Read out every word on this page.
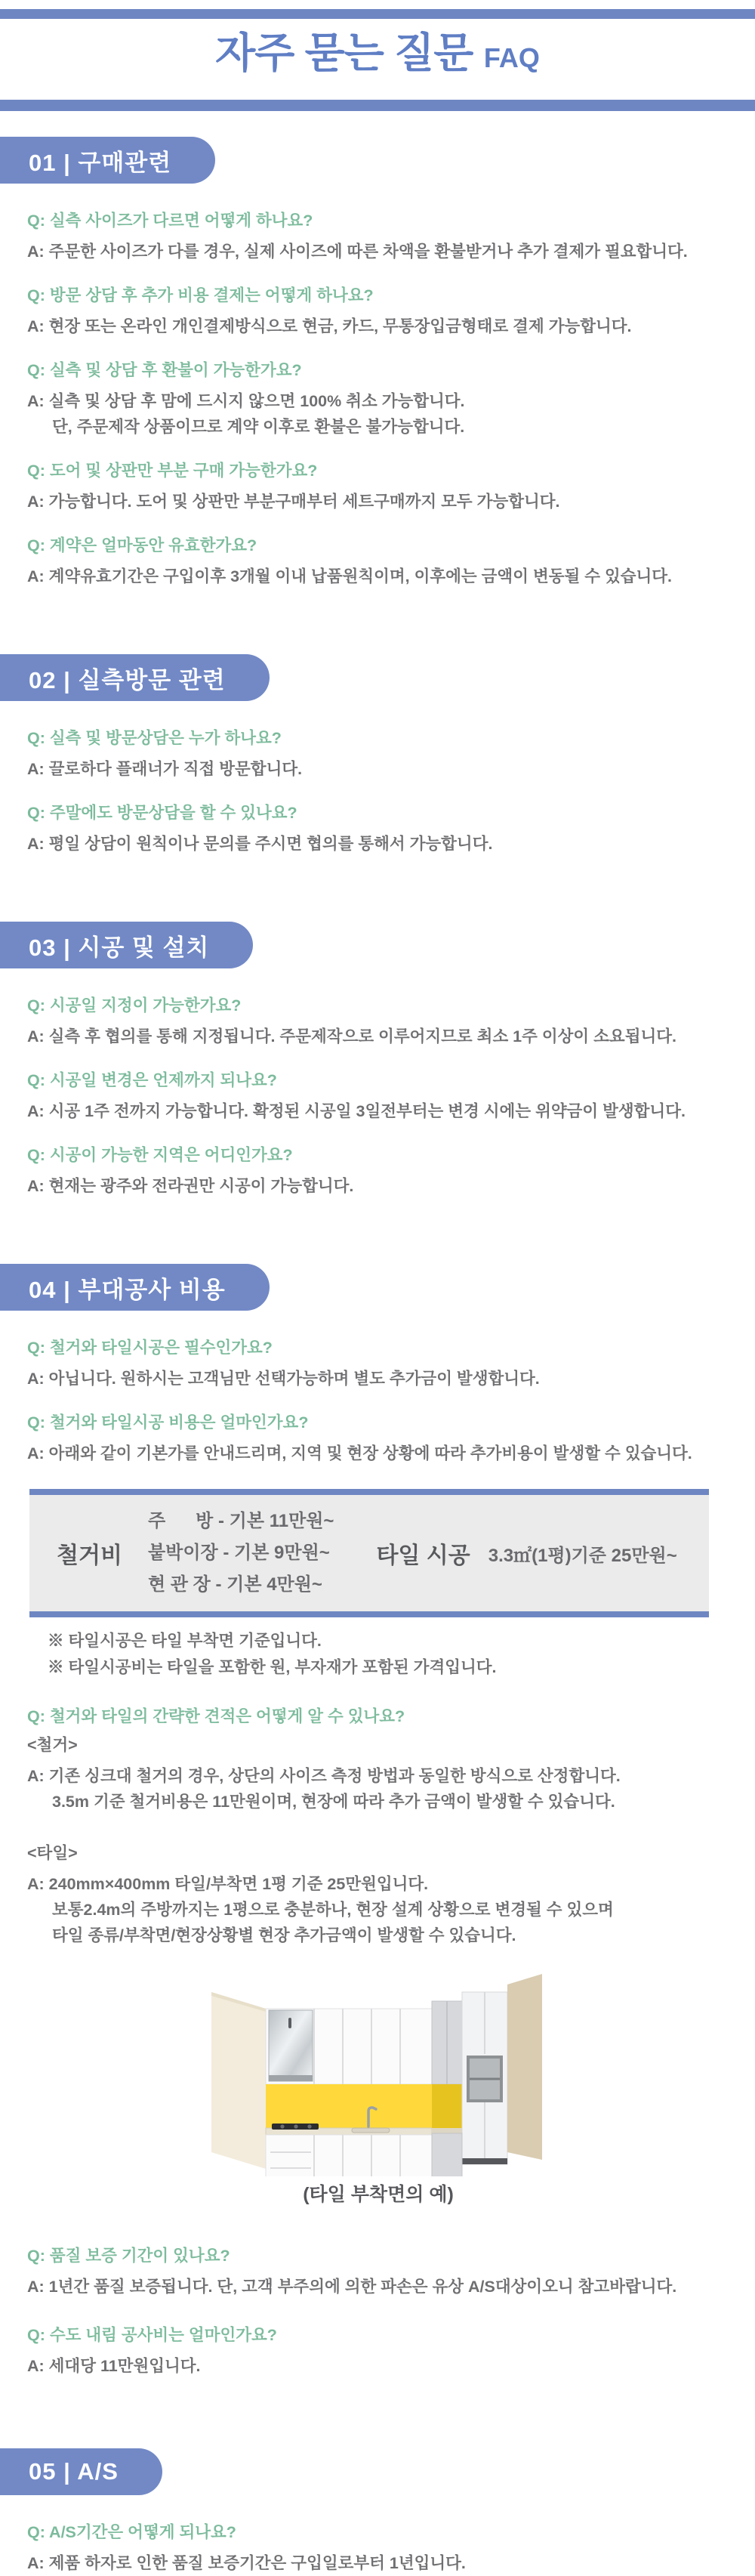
자주 묻는 질문 FAQ
01 | 구매관련
Q: 실측 사이즈가 다르면 어떻게 하나요?
A: 주문한 사이즈가 다를 경우, 실제 사이즈에 따른 차액을 환불받거나 추가 결제가 필요합니다.
Q: 방문 상담 후 추가 비용 결제는 어떻게 하나요?
A: 현장 또는 온라인 개인결제방식으로 현금, 카드, 무통장입금형태로 결제 가능합니다.
Q: 실측 및 상담 후 환불이 가능한가요?
A: 실측 및 상담 후 맘에 드시지 않으면 100% 취소 가능합니다.
단, 주문제작 상품이므로 계약 이후로 환불은 불가능합니다.
Q: 도어 및 상판만 부분 구매 가능한가요?
A: 가능합니다. 도어 및 상판만 부분구매부터 세트구매까지 모두 가능합니다.
Q: 계약은 얼마동안 유효한가요?
A: 계약유효기간은 구입이후 3개월 이내 납품원칙이며, 이후에는 금액이 변동될 수 있습니다.
02 | 실측방문 관련
Q: 실측 및 방문상담은 누가 하나요?
A: 끌로하다 플래너가 직접 방문합니다.
Q: 주말에도 방문상담을 할 수 있나요?
A: 평일 상담이 원칙이나 문의를 주시면 협의를 통해서 가능합니다.
03 | 시공 및 설치
Q: 시공일 지정이 가능한가요?
A: 실측 후 협의를 통해 지정됩니다. 주문제작으로 이루어지므로 최소 1주 이상이 소요됩니다.
Q: 시공일 변경은 언제까지 되나요?
A: 시공 1주 전까지 가능합니다. 확정된 시공일 3일전부터는 변경 시에는 위약금이 발생합니다.
Q: 시공이 가능한 지역은 어디인가요?
A: 현재는 광주와 전라권만 시공이 가능합니다.
04 | 부대공사 비용
Q: 철거와 타일시공은 필수인가요?
A: 아닙니다. 원하시는 고객님만 선택가능하며 별도 추가금이 발생합니다.
Q: 철거와 타일시공 비용은 얼마인가요?
A: 아래와 같이 기본가를 안내드리며, 지역 및 현장 상황에 따라 추가비용이 발생할 수 있습니다.
철거비
주      방 - 기본 11만원~
붙박이장 - 기본 9만원~
현 관 장 - 기본 4만원~
타일 시공 3.3㎡(1평)기준 25만원~
※ 타일시공은 타일 부착면 기준입니다.
※ 타일시공비는 타일을 포함한 원, 부자재가 포함된 가격입니다.
Q: 철거와 타일의 간략한 견적은 어떻게 알 수 있나요?
<철거>
A: 기존 싱크대 철거의 경우, 상단의 사이즈 측정 방법과 동일한 방식으로 산정합니다.
3.5m 기준 철거비용은 11만원이며, 현장에 따라 추가 금액이 발생할 수 있습니다.
<타일>
A: 240mm×400mm 타일/부착면 1평 기준 25만원입니다.
보통2.4m의 주방까지는 1평으로 충분하나, 현장 설계 상황으로 변경될 수 있으며
타일 종류/부착면/현장상황별 현장 추가금액이 발생할 수 있습니다.
(타일 부착면의 예)
Q: 품질 보증 기간이 있나요?
A: 1년간 품질 보증됩니다. 단, 고객 부주의에 의한 파손은 유상 A/S대상이오니 참고바랍니다.
Q: 수도 내림 공사비는 얼마인가요?
A: 세대당 11만원입니다.
05 | A/S
Q: A/S기간은 어떻게 되나요?
A: 제품 하자로 인한 품질 보증기간은 구입일로부터 1년입니다.
